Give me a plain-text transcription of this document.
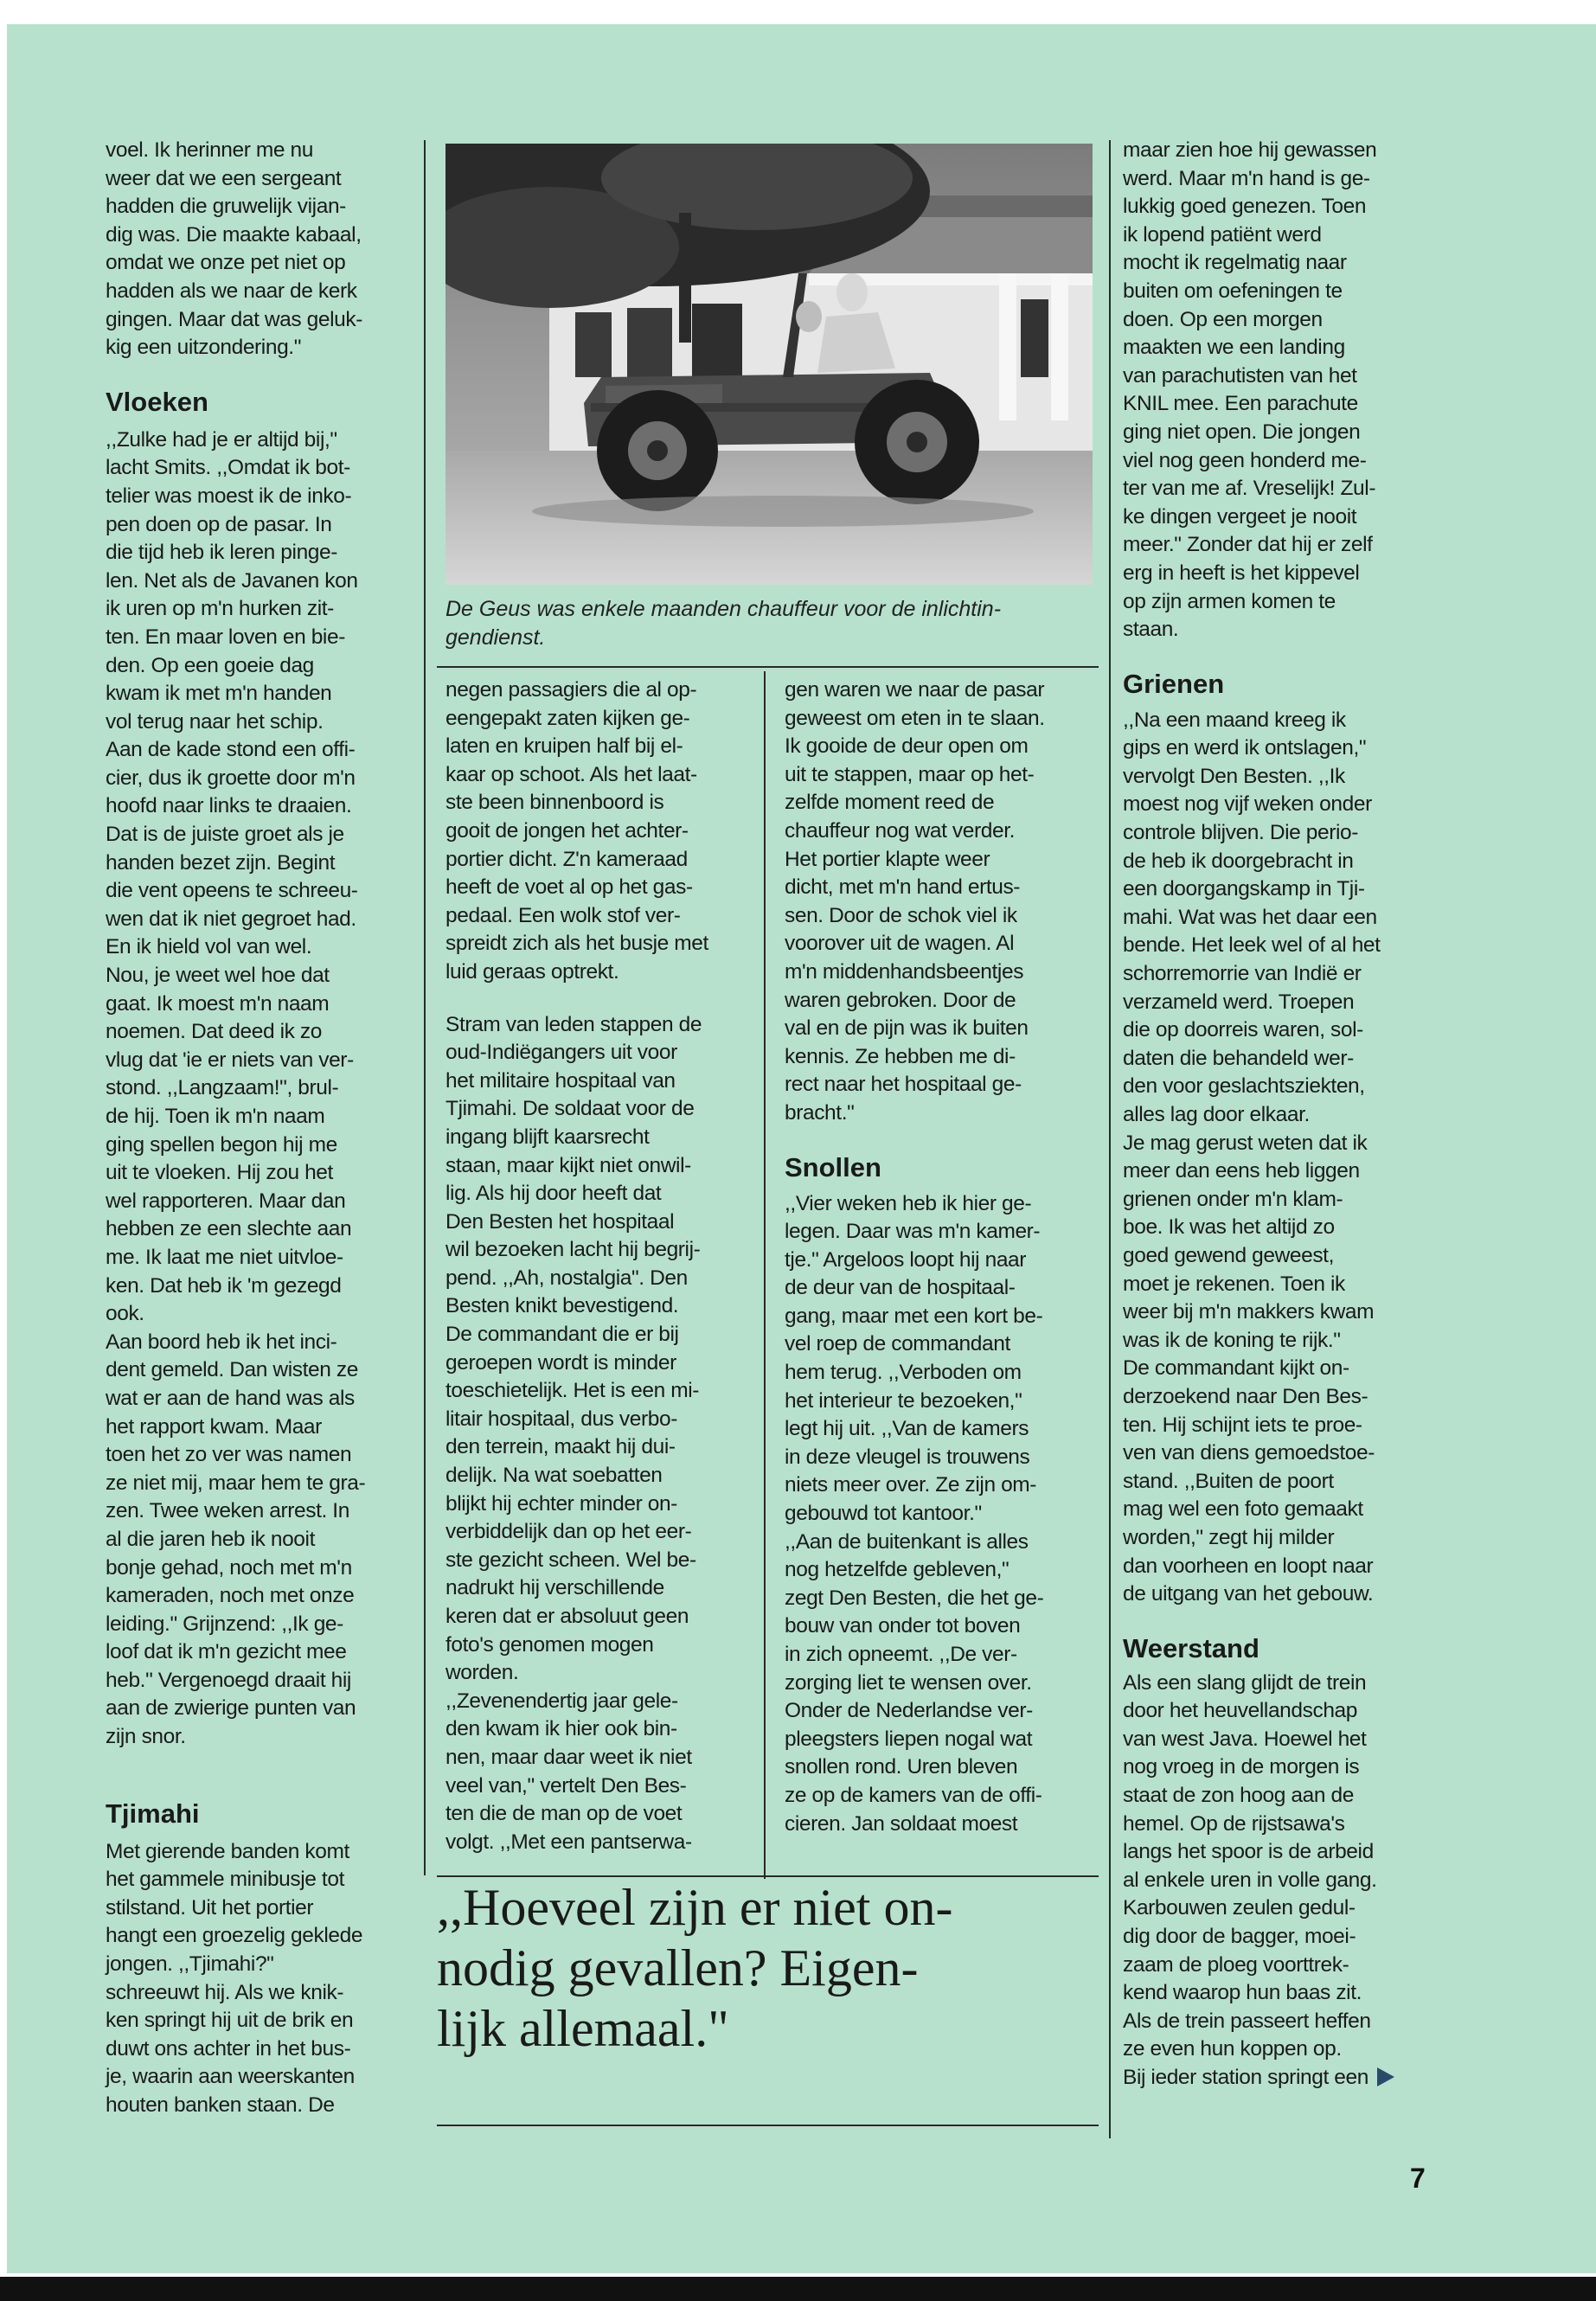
voel. Ik herinner me nu
weer dat we een sergeant
hadden die gruwelijk vijan-
dig was. Die maakte kabaal,
omdat we onze pet niet op
hadden als we naar de kerk
gingen. Maar dat was geluk-
kig een uitzondering."

Vloeken

,,Zulke had je er altijd bij,"
lacht Smits. ,,Omdat ik bot-
telier was moest ik de inko-
pen doen op de pasar. In
die tijd heb ik leren pinge-
len. Net als de Javanen kon
ik uren op m'n hurken zit-
ten. En maar loven en bie-
den. Op een goeie dag
kwam ik met m'n handen
vol terug naar het schip.
Aan de kade stond een offi-
cier, dus ik groette door m'n
hoofd naar links te draaien.
Dat is de juiste groet als je
handen bezet zijn. Begint
die vent opeens te schreeu-
wen dat ik niet gegroet had.
En ik hield vol van wel.
Nou, je weet wel hoe dat
gaat. Ik moest m'n naam
noemen. Dat deed ik zo
vlug dat 'ie er niets van ver-
stond. ,,Langzaam!", brul-
de hij. Toen ik m'n naam
ging spellen begon hij me
uit te vloeken. Hij zou het
wel rapporteren. Maar dan
hebben ze een slechte aan
me. Ik laat me niet uitvloe-
ken. Dat heb ik 'm gezegd
ook.
Aan boord heb ik het inci-
dent gemeld. Dan wisten ze
wat er aan de hand was als
het rapport kwam. Maar
toen het zo ver was namen
ze niet mij, maar hem te gra-
zen. Twee weken arrest. In
al die jaren heb ik nooit
bonje gehad, noch met m'n
kameraden, noch met onze
leiding." Grijnzend: ,,Ik ge-
loof dat ik m'n gezicht mee
heb." Vergenoegd draait hij
aan de zwierige punten van
zijn snor.

Tjimahi

Met gierende banden komt
het gammele minibusje tot
stilstand. Uit het portier
hangt een groezelig geklede
jongen. ,,Tjimahi?"
schreeuwt hij. Als we knik-
ken springt hij uit de brik en
duwt ons achter in het bus-
je, waarin aan weerskanten
houten banken staan. De

De Geus was enkele maanden chauffeur voor de inlichtin-
gendienst.

negen passagiers die al op-
eengepakt zaten kijken ge-
laten en kruipen half bij el-
kaar op schoot. Als het laat-
ste been binnenboord is
gooit de jongen het achter-
portier dicht. Z'n kameraad
heeft de voet al op het gas-
pedaal. Een wolk stof ver-
spreidt zich als het busje met
luid geraas optrekt.

Stram van leden stappen de
oud-Indiëgangers uit voor
het militaire hospitaal van
Tjimahi. De soldaat voor de
ingang blijft kaarsrecht
staan, maar kijkt niet onwil-
lig. Als hij door heeft dat
Den Besten het hospitaal
wil bezoeken lacht hij begrij-
pend. ,,Ah, nostalgia". Den
Besten knikt bevestigend.
De commandant die er bij
geroepen wordt is minder
toeschietelijk. Het is een mi-
litair hospitaal, dus verbo-
den terrein, maakt hij dui-
delijk. Na wat soebatten
blijkt hij echter minder on-
verbiddelijk dan op het eer-
ste gezicht scheen. Wel be-
nadrukt hij verschillende
keren dat er absoluut geen
foto's genomen mogen
worden.
,,Zevenendertig jaar gele-
den kwam ik hier ook bin-
nen, maar daar weet ik niet
veel van," vertelt Den Bes-
ten die de man op de voet
volgt. ,,Met een pantserwa-

gen waren we naar de pasar
geweest om eten in te slaan.
Ik gooide de deur open om
uit te stappen, maar op het-
zelfde moment reed de
chauffeur nog wat verder.
Het portier klapte weer
dicht, met m'n hand ertus-
sen. Door de schok viel ik
voorover uit de wagen. Al
m'n middenhandsbeentjes
waren gebroken. Door de
val en de pijn was ik buiten
kennis. Ze hebben me di-
rect naar het hospitaal ge-
bracht."

Snollen

,,Vier weken heb ik hier ge-
legen. Daar was m'n kamer-
tje." Argeloos loopt hij naar
de deur van de hospitaal-
gang, maar met een kort be-
vel roep de commandant
hem terug. ,,Verboden om
het interieur te bezoeken,"
legt hij uit. ,,Van de kamers
in deze vleugel is trouwens
niets meer over. Ze zijn om-
gebouwd tot kantoor."
,,Aan de buitenkant is alles
nog hetzelfde gebleven,"
zegt Den Besten, die het ge-
bouw van onder tot boven
in zich opneemt. ,,De ver-
zorging liet te wensen over.
Onder de Nederlandse ver-
pleegsters liepen nogal wat
snollen rond. Uren bleven
ze op de kamers van de offi-
cieren. Jan soldaat moest

,,Hoeveel zijn er niet on-
nodig gevallen? Eigen-
lijk allemaal."

maar zien hoe hij gewassen
werd. Maar m'n hand is ge-
lukkig goed genezen. Toen
ik lopend patiënt werd
mocht ik regelmatig naar
buiten om oefeningen te
doen. Op een morgen
maakten we een landing
van parachutisten van het
KNIL mee. Een parachute
ging niet open. Die jongen
viel nog geen honderd me-
ter van me af. Vreselijk! Zul-
ke dingen vergeet je nooit
meer." Zonder dat hij er zelf
erg in heeft is het kippevel
op zijn armen komen te
staan.

Grienen

,,Na een maand kreeg ik
gips en werd ik ontslagen,"
vervolgt Den Besten. ,,Ik
moest nog vijf weken onder
controle blijven. Die perio-
de heb ik doorgebracht in
een doorgangskamp in Tji-
mahi. Wat was het daar een
bende. Het leek wel of al het
schorremorrie van Indië er
verzameld werd. Troepen
die op doorreis waren, sol-
daten die behandeld wer-
den voor geslachtsziekten,
alles lag door elkaar.
Je mag gerust weten dat ik
meer dan eens heb liggen
grienen onder m'n klam-
boe. Ik was het altijd zo
goed gewend geweest,
moet je rekenen. Toen ik
weer bij m'n makkers kwam
was ik de koning te rijk."
De commandant kijkt on-
derzoekend naar Den Bes-
ten. Hij schijnt iets te proe-
ven van diens gemoedstoe-
stand. ,,Buiten de poort
mag wel een foto gemaakt
worden," zegt hij milder
dan voorheen en loopt naar
de uitgang van het gebouw.

Weerstand

Als een slang glijdt de trein
door het heuvellandschap
van west Java. Hoewel het
nog vroeg in de morgen is
staat de zon hoog aan de
hemel. Op de rijstsawa's
langs het spoor is de arbeid
al enkele uren in volle gang.
Karbouwen zeulen gedul-
dig door de bagger, moei-
zaam de ploeg voorttrek-
kend waarop hun baas zit.
Als de trein passeert heffen
ze even hun koppen op.

Bij ieder station springt een

7
